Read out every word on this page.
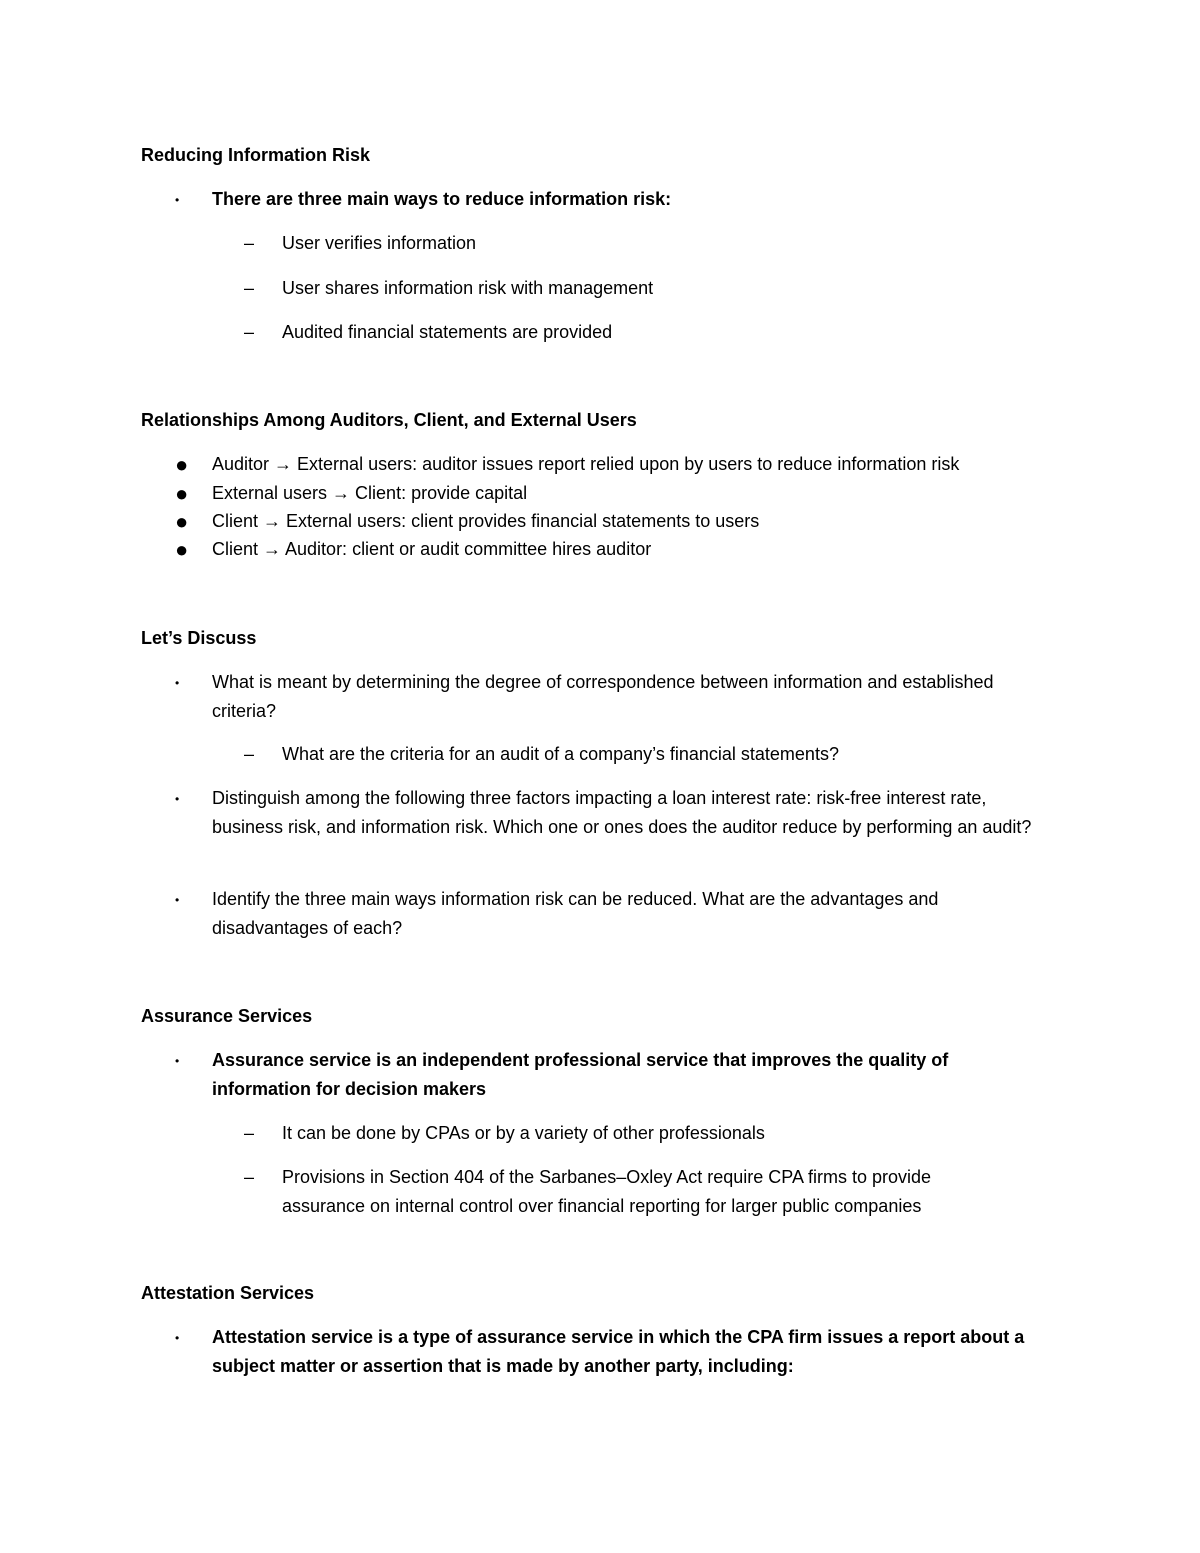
Reducing Information Risk
• There are three main ways to reduce information risk:
– User verifies information
– User shares information risk with management
– Audited financial statements are provided
Relationships Among Auditors, Client, and External Users
● Auditor → External users: auditor issues report relied upon by users to reduce information risk
● External users → Client: provide capital
● Client → External users: client provides financial statements to users
● Client → Auditor: client or audit committee hires auditor
Let’s Discuss
• What is meant by determining the degree of correspondence between information and established criteria?
– What are the criteria for an audit of a company’s financial statements?
• Distinguish among the following three factors impacting a loan interest rate: risk-free interest rate, business risk, and information risk. Which one or ones does the auditor reduce by performing an audit?
• Identify the three main ways information risk can be reduced. What are the advantages and disadvantages of each?
Assurance Services
• Assurance service is an independent professional service that improves the quality of information for decision makers
– It can be done by CPAs or by a variety of other professionals
– Provisions in Section 404 of the Sarbanes–Oxley Act require CPA firms to provide assurance on internal control over financial reporting for larger public companies
Attestation Services
• Attestation service is a type of assurance service in which the CPA firm issues a report about a subject matter or assertion that is made by another party, including:
